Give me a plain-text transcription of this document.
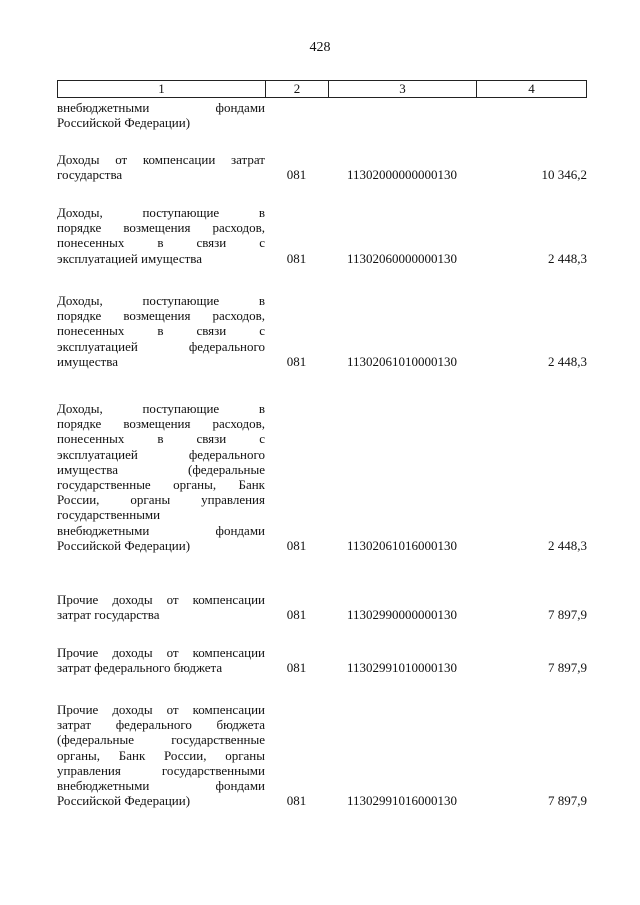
428
1	2	3	4
внебюджетными фондами
Российской Федерации)
Доходы от компенсации затрат
государства	081	11302000000000130	10 346,2
Доходы, поступающие в
порядке возмещения расходов,
понесенных в связи с
эксплуатацией имущества	081	11302060000000130	2 448,3
Доходы, поступающие в
порядке возмещения расходов,
понесенных в связи с
эксплуатацией федерального
имущества	081	11302061010000130	2 448,3
Доходы, поступающие в
порядке возмещения расходов,
понесенных в связи с
эксплуатацией федерального
имущества (федеральные
государственные органы, Банк
России, органы управления
государственными
внебюджетными фондами
Российской Федерации)	081	11302061016000130	2 448,3
Прочие доходы от компенсации
затрат государства	081	11302990000000130	7 897,9
Прочие доходы от компенсации
затрат федерального бюджета	081	11302991010000130	7 897,9
Прочие доходы от компенсации
затрат федерального бюджета
(федеральные государственные
органы, Банк России, органы
управления государственными
внебюджетными фондами
Российской Федерации)	081	11302991016000130	7 897,9
